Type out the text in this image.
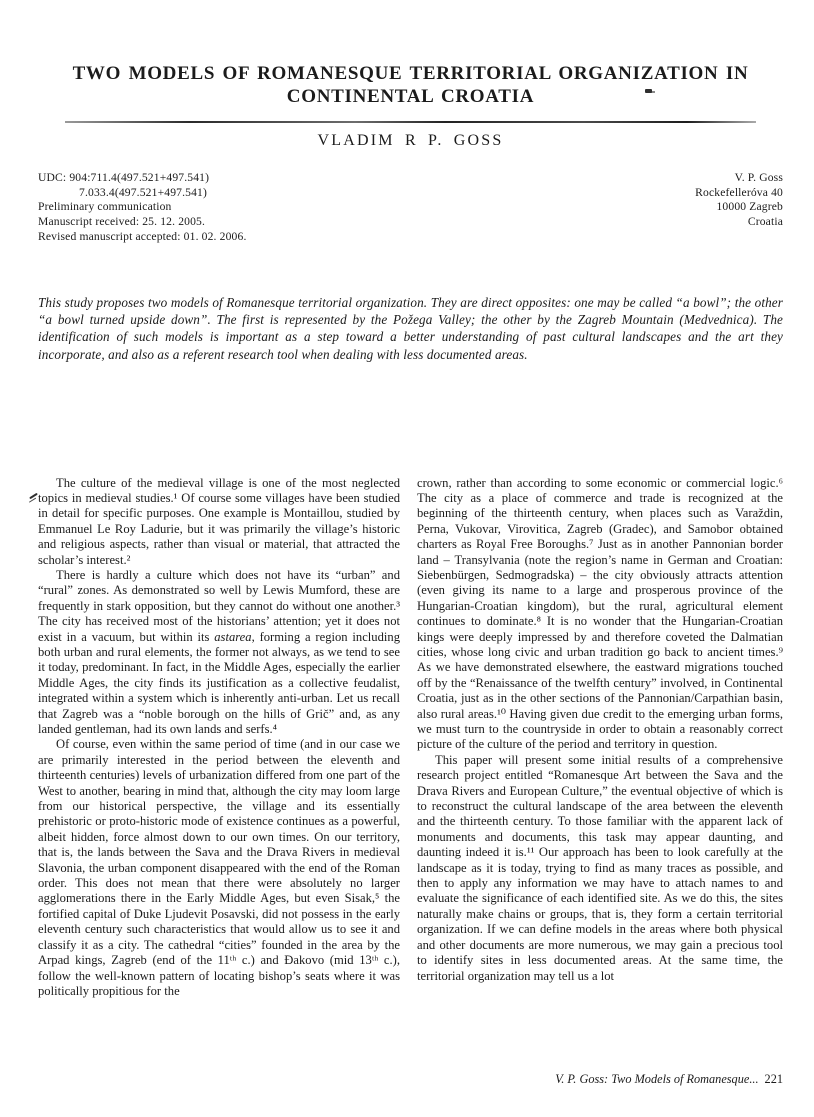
TWO MODELS OF ROMANESQUE TERRITORIAL ORGANIZATION IN
CONTINENTAL CROATIA
VLADIM R P. GOSS
UDC: 904:711.4(497.521+497.541)
7.033.4(497.521+497.541)
Preliminary communication
Manuscript received: 25. 12. 2005.
Revised manuscript accepted: 01. 02. 2006.
V. P. Goss
Rockefelleróva 40
10000 Zagreb
Croatia

This study proposes two models of Romanesque territorial organization. They are direct opposites: one may be called “a bowl”; the other “a bowl turned upside down”. The first is represented by the Požega Valley; the other by the Zagreb Mountain (Medvednica). The identification of such models is important as a step toward a better understanding of past cultural landscapes and the art they incorporate, and also as a referent research tool when dealing with less documented areas.

The culture of the medieval village is one of the most neglected topics in medieval studies.¹ Of course some villages have been studied in detail for specific purposes. One example is Montaillou, studied by Emmanuel Le Roy Ladurie, but it was primarily the village’s historic and religious aspects, rather than visual or material, that attracted the scholar’s interest.²

There is hardly a culture which does not have its “urban” and “rural” zones. As demonstrated so well by Lewis Mumford, these are frequently in stark opposition, but they cannot do without one another.³ The city has received most of the historians’ attention; yet it does not exist in a vacuum, but within its astarea, forming a region including both urban and rural elements, the former not always, as we tend to see it today, predominant. In fact, in the Middle Ages, especially the earlier Middle Ages, the city finds its justification as a collective feudalist, integrated within a system which is inherently anti-urban. Let us recall that Zagreb was a “noble borough on the hills of Grič” and, as any landed gentleman, had its own lands and serfs.⁴

Of course, even within the same period of time (and in our case we are primarily interested in the period between the eleventh and thirteenth centuries) levels of urbanization differed from one part of the West to another, bearing in mind that, although the city may loom large from our historical perspective, the village and its essentially prehistoric or proto-historic mode of existence continues as a powerful, albeit hidden, force almost down to our own times. On our territory, that is, the lands between the Sava and the Drava Rivers in medieval Slavonia, the urban component disappeared with the end of the Roman order. This does not mean that there were absolutely no larger agglomerations there in the Early Middle Ages, but even Sisak,⁵ the fortified capital of Duke Ljudevit Posavski, did not possess in the early eleventh century such characteristics that would allow us to see it and classify it as a city. The cathedral “cities” founded in the area by the Arpad kings, Zagreb (end of the 11ᵗʰ c.) and Đakovo (mid 13ᵗʰ c.), follow the well-known pattern of locating bishop’s seats where it was politically propitious for the

crown, rather than according to some economic or commercial logic.⁶ The city as a place of commerce and trade is recognized at the beginning of the thirteenth century, when places such as Varaždin, Perna, Vukovar, Virovitica, Zagreb (Gradec), and Samobor obtained charters as Royal Free Boroughs.⁷ Just as in another Pannonian border land – Transylvania (note the region’s name in German and Croatian: Siebenbürgen, Sedmogradska) – the city obviously attracts attention (even giving its name to a large and prosperous province of the Hungarian-Croatian kingdom), but the rural, agricultural element continues to dominate.⁸ It is no wonder that the Hungarian-Croatian kings were deeply impressed by and therefore coveted the Dalmatian cities, whose long civic and urban tradition go back to ancient times.⁹ As we have demonstrated elsewhere, the eastward migrations touched off by the “Renaissance of the twelfth century” involved, in Continental Croatia, just as in the other sections of the Pannonian/Carpathian basin, also rural areas.¹⁰ Having given due credit to the emerging urban forms, we must turn to the countryside in order to obtain a reasonably correct picture of the culture of the period and territory in question.

This paper will present some initial results of a comprehensive research project entitled “Romanesque Art between the Sava and the Drava Rivers and European Culture,” the eventual objective of which is to reconstruct the cultural landscape of the area between the eleventh and the thirteenth century. To those familiar with the apparent lack of monuments and documents, this task may appear daunting, and daunting indeed it is.¹¹ Our approach has been to look carefully at the landscape as it is today, trying to find as many traces as possible, and then to apply any information we may have to attach names to and evaluate the significance of each identified site. As we do this, the sites naturally make chains or groups, that is, they form a certain territorial organization. If we can define models in the areas where both physical and other documents are more numerous, we may gain a precious tool to identify sites in less documented areas. At the same time, the territorial organization may tell us a lot

V. P. Goss: Two Models of Romanesque... 221
